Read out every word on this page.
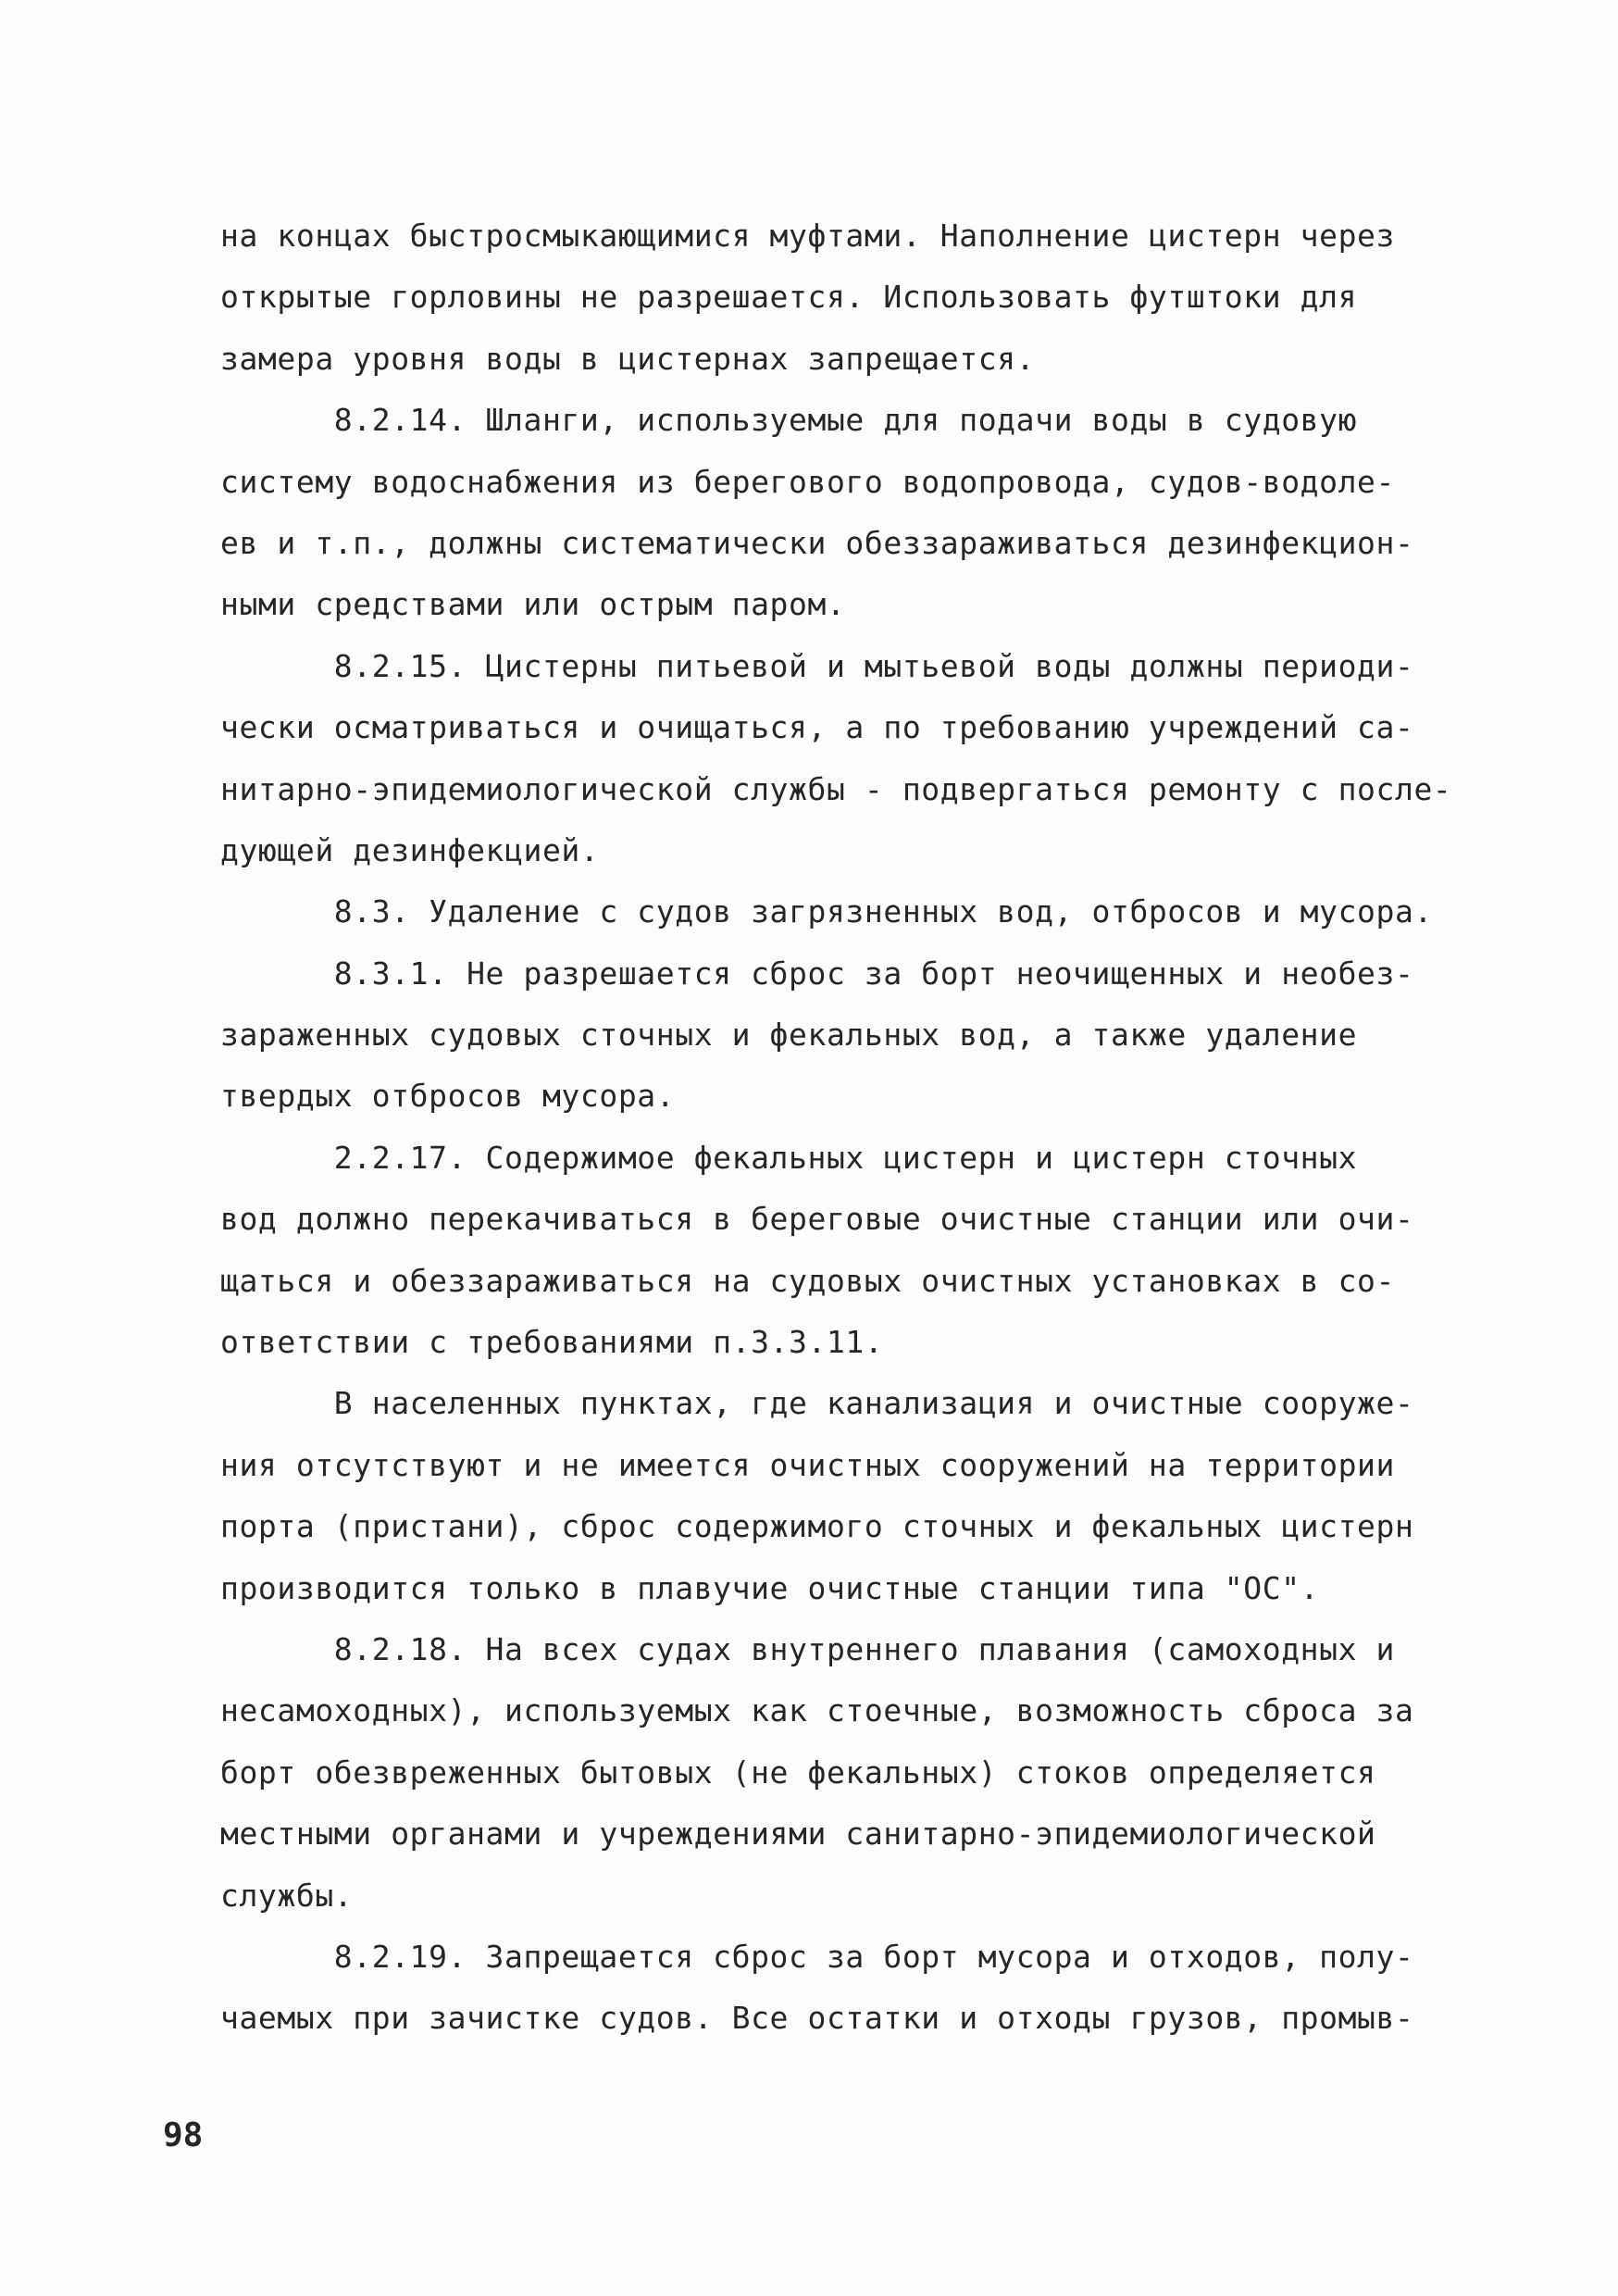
на концах быстросмыкающимися муфтами. Наполнение цистерн через
открытые горловины не разрешается. Использовать футштоки для
замера уровня воды в цистернах запрещается.
8.2.14. Шланги, используемые для подачи воды в судовую
систему водоснабжения из берегового водопровода, судов-водоле-
ев и т.п., должны систематически обеззараживаться дезинфекцион-
ными средствами или острым паром.
8.2.15. Цистерны питьевой и мытьевой воды должны периоди-
чески осматриваться и очищаться, а по требованию учреждений са-
нитарно-эпидемиологической службы - подвергаться ремонту с после-
дующей дезинфекцией.
8.3. Удаление с судов загрязненных вод, отбросов и мусора.
8.3.1. Не разрешается сброс за борт неочищенных и необез-
зараженных судовых сточных и фекальных вод, а также удаление
твердых отбросов мусора.
2.2.17. Содержимое фекальных цистерн и цистерн сточных
вод должно перекачиваться в береговые очистные станции или очи-
щаться и обеззараживаться на судовых очистных установках в со-
ответствии с требованиями п.3.3.11.
В населенных пунктах, где канализация и очистные сооруже-
ния отсутствуют и не имеется очистных сооружений на территории
порта (пристани), сброс содержимого сточных и фекальных цистерн
производится только в плавучие очистные станции типа "ОС".
8.2.18. На всех судах внутреннего плавания (самоходных и
несамоходных), используемых как стоечные, возможность сброса за
борт обезвреженных бытовых (не фекальных) стоков определяется
местными органами и учреждениями санитарно-эпидемиологической
службы.
8.2.19. Запрещается сброс за борт мусора и отходов, полу-
чаемых при зачистке судов. Все остатки и отходы грузов, промыв-
98
